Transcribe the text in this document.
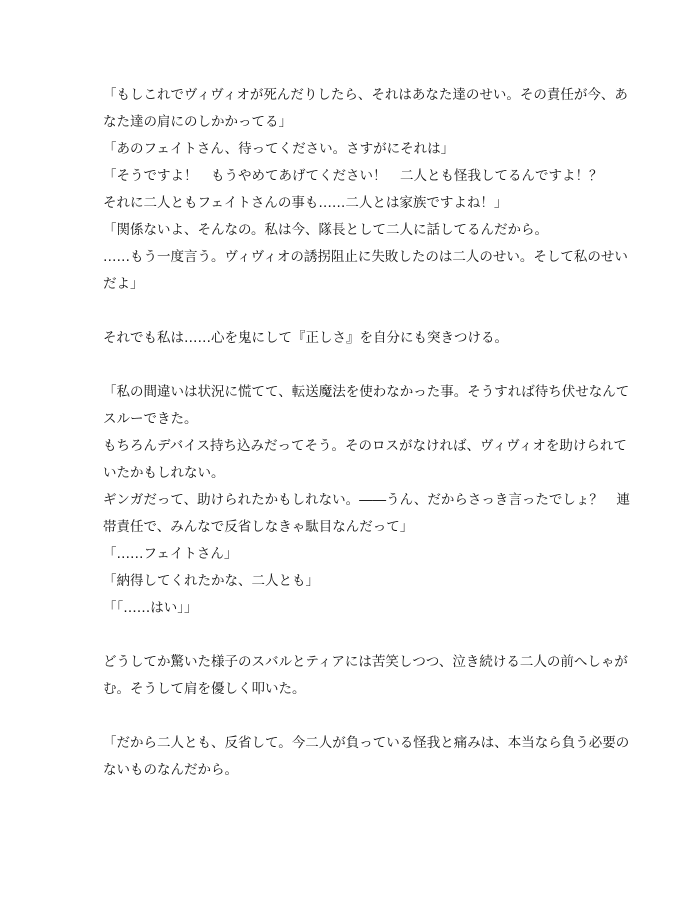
「もしこれでヴィヴィオが死んだりしたら、それはあなた達のせい。その責任が今、あ
なた達の肩にのしかかってる」
「あのフェイトさん、待ってください。さすがにそれは」
「そうですよ！　もうやめてあげてください！　二人とも怪我してるんですよ！？
それに二人ともフェイトさんの事も……二人とは家族ですよね！」
「関係ないよ、そんなの。私は今、隊長として二人に話してるんだから。
……もう一度言う。ヴィヴィオの誘拐阻止に失敗したのは二人のせい。そして私のせい
だよ」
それでも私は……心を鬼にして『正しさ』を自分にも突きつける。
「私の間違いは状況に慌てて、転送魔法を使わなかった事。そうすれば待ち伏せなんて
スルーできた。
もちろんデバイス持ち込みだってそう。そのロスがなければ、ヴィヴィオを助けられて
いたかもしれない。
ギンガだって、助けられたかもしれない。――うん、だからさっき言ったでしょ？　連
帯責任で、みんなで反省しなきゃ駄目なんだって」
「……フェイトさん」
「納得してくれたかな、二人とも」
「「……はい」」
どうしてか驚いた様子のスバルとティアには苦笑しつつ、泣き続ける二人の前へしゃが
む。そうして肩を優しく叩いた。
「だから二人とも、反省して。今二人が負っている怪我と痛みは、本当なら負う必要の
ないものなんだから。
